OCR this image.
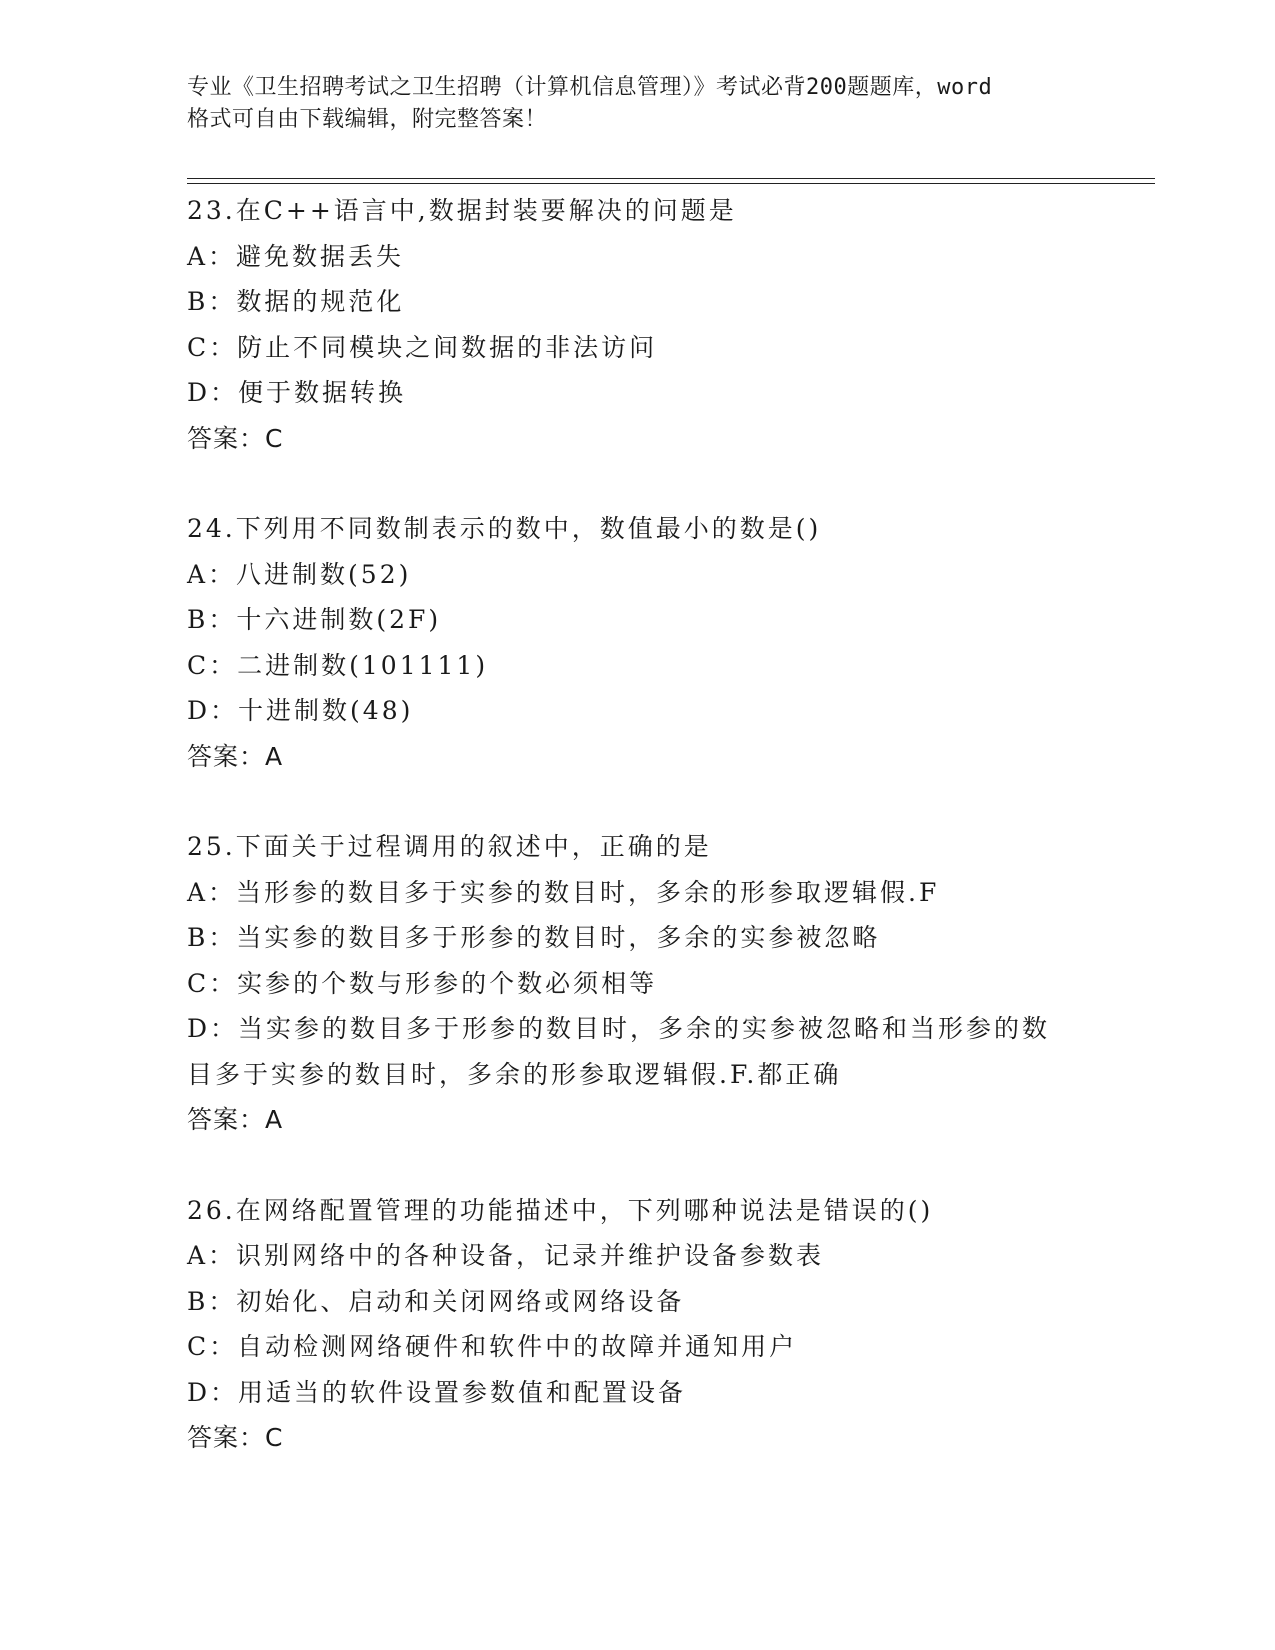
专业《卫生招聘考试之卫生招聘（计算机信息管理）》考试必背200题题库，word
格式可自由下载编辑，附完整答案！
23.在C++语言中,数据封装要解决的问题是
A：避免数据丢失
B：数据的规范化
C：防止不同模块之间数据的非法访问
D：便于数据转换
答案：C
24.下列用不同数制表示的数中，数值最小的数是()
A：八进制数(52)
B：十六进制数(2F)
C：二进制数(101111)
D：十进制数(48)
答案：A
25.下面关于过程调用的叙述中，正确的是
A：当形参的数目多于实参的数目时，多余的形参取逻辑假.F
B：当实参的数目多于形参的数目时，多余的实参被忽略
C：实参的个数与形参的个数必须相等
D：当实参的数目多于形参的数目时，多余的实参被忽略和当形参的数
目多于实参的数目时，多余的形参取逻辑假.F.都正确
答案：A
26.在网络配置管理的功能描述中，下列哪种说法是错误的()
A：识别网络中的各种设备，记录并维护设备参数表
B：初始化、启动和关闭网络或网络设备
C：自动检测网络硬件和软件中的故障并通知用户
D：用适当的软件设置参数值和配置设备
答案：C
